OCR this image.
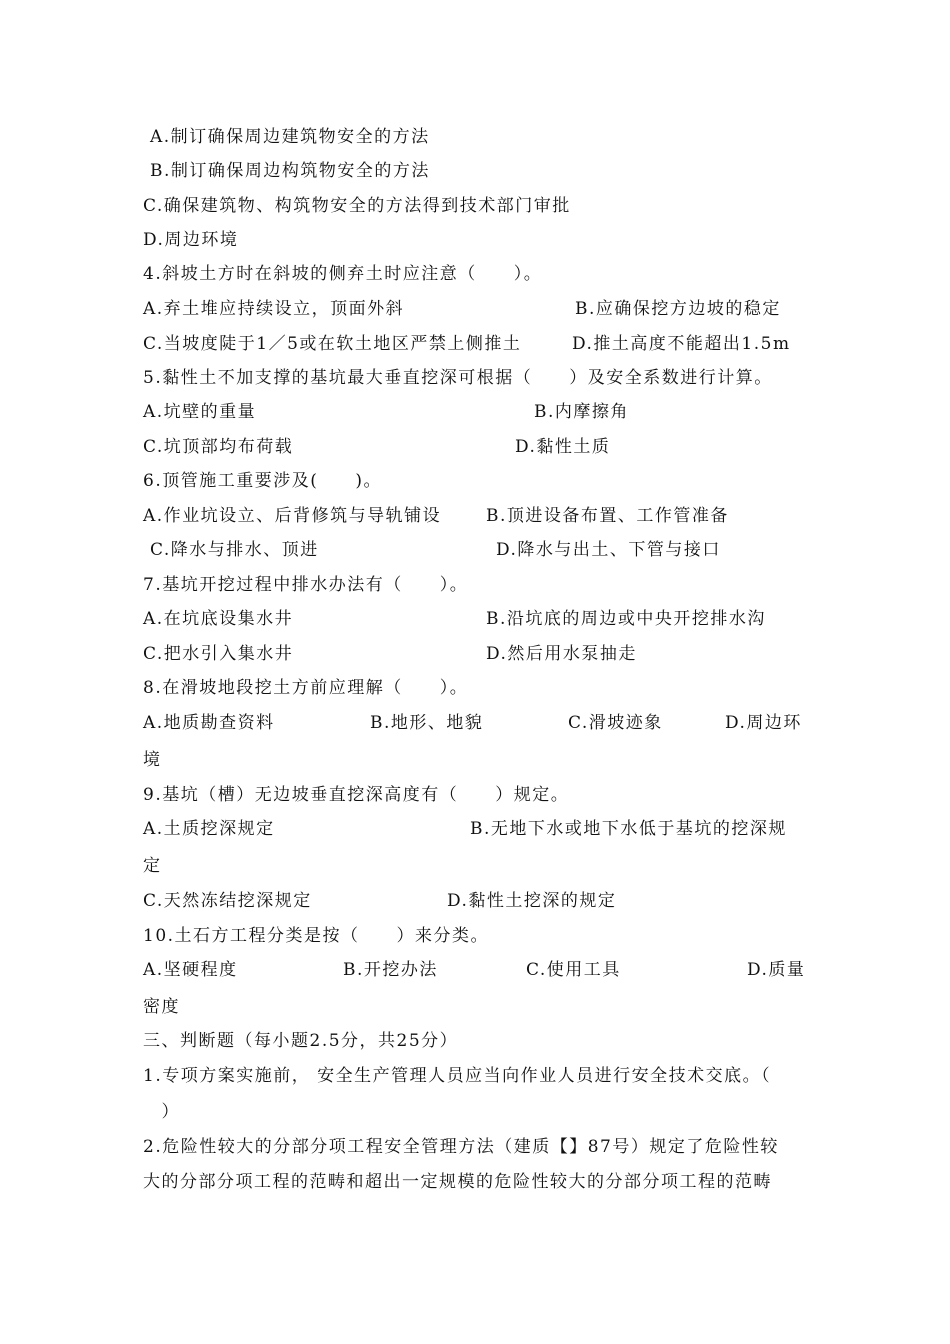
A.制订确保周边建筑物安全的方法
B.制订确保周边构筑物安全的方法
C.确保建筑物、构筑物安全的方法得到技术部门审批
D.周边环境
4.斜坡土方时在斜坡的侧弃土时应注意（　　）。
A.弃土堆应持续设立，顶面外斜	B.应确保挖方边坡的稳定
C.当坡度陡于1／5或在软土地区严禁上侧推土	D.推土高度不能超出1.5m
5.黏性土不加支撑的基坑最大垂直挖深可根据（　　）及安全系数进行计算。
A.坑壁的重量	B.内摩擦角
C.坑顶部均布荷载	D.黏性土质
6.顶管施工重要涉及(　　)。
A.作业坑设立、后背修筑与导轨铺设	B.顶进设备布置、工作管准备
C.降水与排水、顶进	D.降水与出土、下管与接口
7.基坑开挖过程中排水办法有（　　）。
A.在坑底设集水井	B.沿坑底的周边或中央开挖排水沟
C.把水引入集水井	D.然后用水泵抽走
8.在滑坡地段挖土方前应理解（　　）。
A.地质勘查资料	B.地形、地貌	C.滑坡迹象	D.周边环
境
9.基坑（槽）无边坡垂直挖深高度有（　　）规定。
A.土质挖深规定	B.无地下水或地下水低于基坑的挖深规
定
C.天然冻结挖深规定	D.黏性土挖深的规定
10.土石方工程分类是按（　　）来分类。
A.坚硬程度	B.开挖办法	C.使用工具	D.质量
密度
三、判断题（每小题2.5分，共25分）
1.专项方案实施前， 安全生产管理人员应当向作业人员进行安全技术交底。（
　）
2.危险性较大的分部分项工程安全管理方法（建质【】87号）规定了危险性较
大的分部分项工程的范畴和超出一定规模的危险性较大的分部分项工程的范畴
